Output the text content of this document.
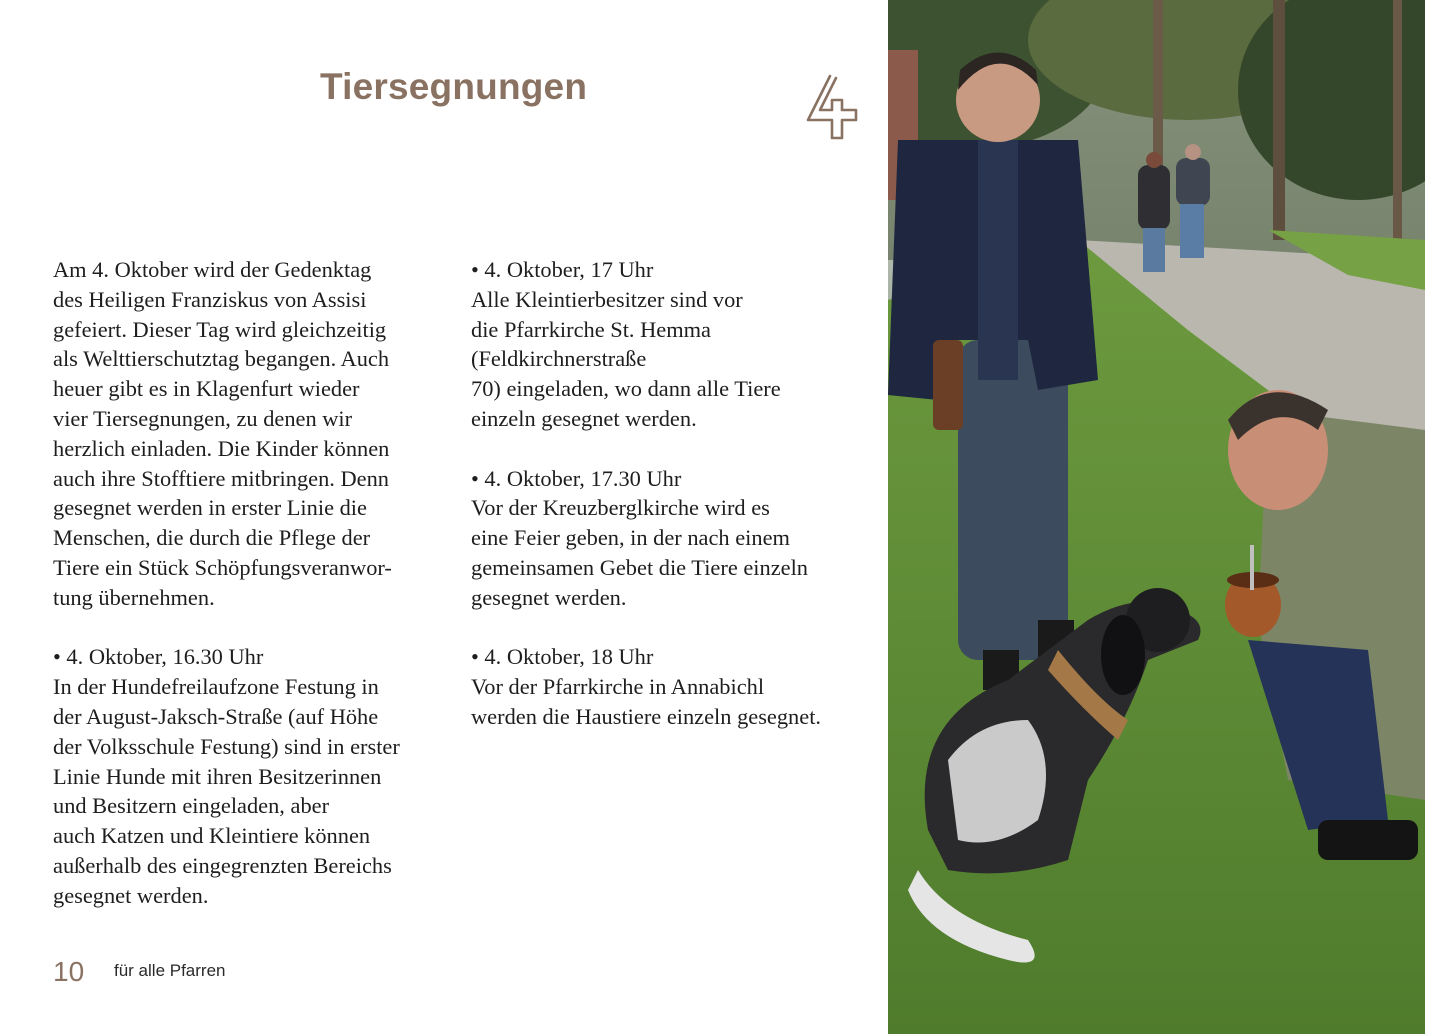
Tiersegnungen

Am 4. Oktober wird der Gedenktag
des Heiligen Franziskus von Assisi
gefeiert. Dieser Tag wird gleichzeitig
als Welttierschutztag begangen. Auch
heuer gibt es in Klagenfurt wieder
vier Tiersegnungen, zu denen wir
herzlich einladen. Die Kinder können
auch ihre Stofftiere mitbringen. Denn
gesegnet werden in erster Linie die
Menschen, die durch die Pflege der
Tiere ein Stück Schöpfungsveranwor-
tung übernehmen.

• 4. Oktober, 16.30 Uhr
In der Hundefreilaufzone Festung in
der August-Jaksch-Straße (auf Höhe
der Volksschule Festung) sind in erster
Linie Hunde mit ihren Besitzerinnen
und Besitzern eingeladen, aber
auch Katzen und Kleintiere können
außerhalb des eingegrenzten Bereichs
gesegnet werden.

• 4. Oktober, 17 Uhr
Alle Kleintierbesitzer sind vor
die Pfarrkirche St. Hemma
(Feldkirchnerstraße
70) eingeladen, wo dann alle Tiere
einzeln gesegnet werden.

• 4. Oktober, 17.30 Uhr
Vor der Kreuzberglkirche wird es
eine Feier geben, in der nach einem
gemeinsamen Gebet die Tiere einzeln
gesegnet werden.

• 4. Oktober, 18 Uhr
Vor der Pfarrkirche in Annabichl
werden die Haustiere einzeln gesegnet.

10 für alle Pfarren
